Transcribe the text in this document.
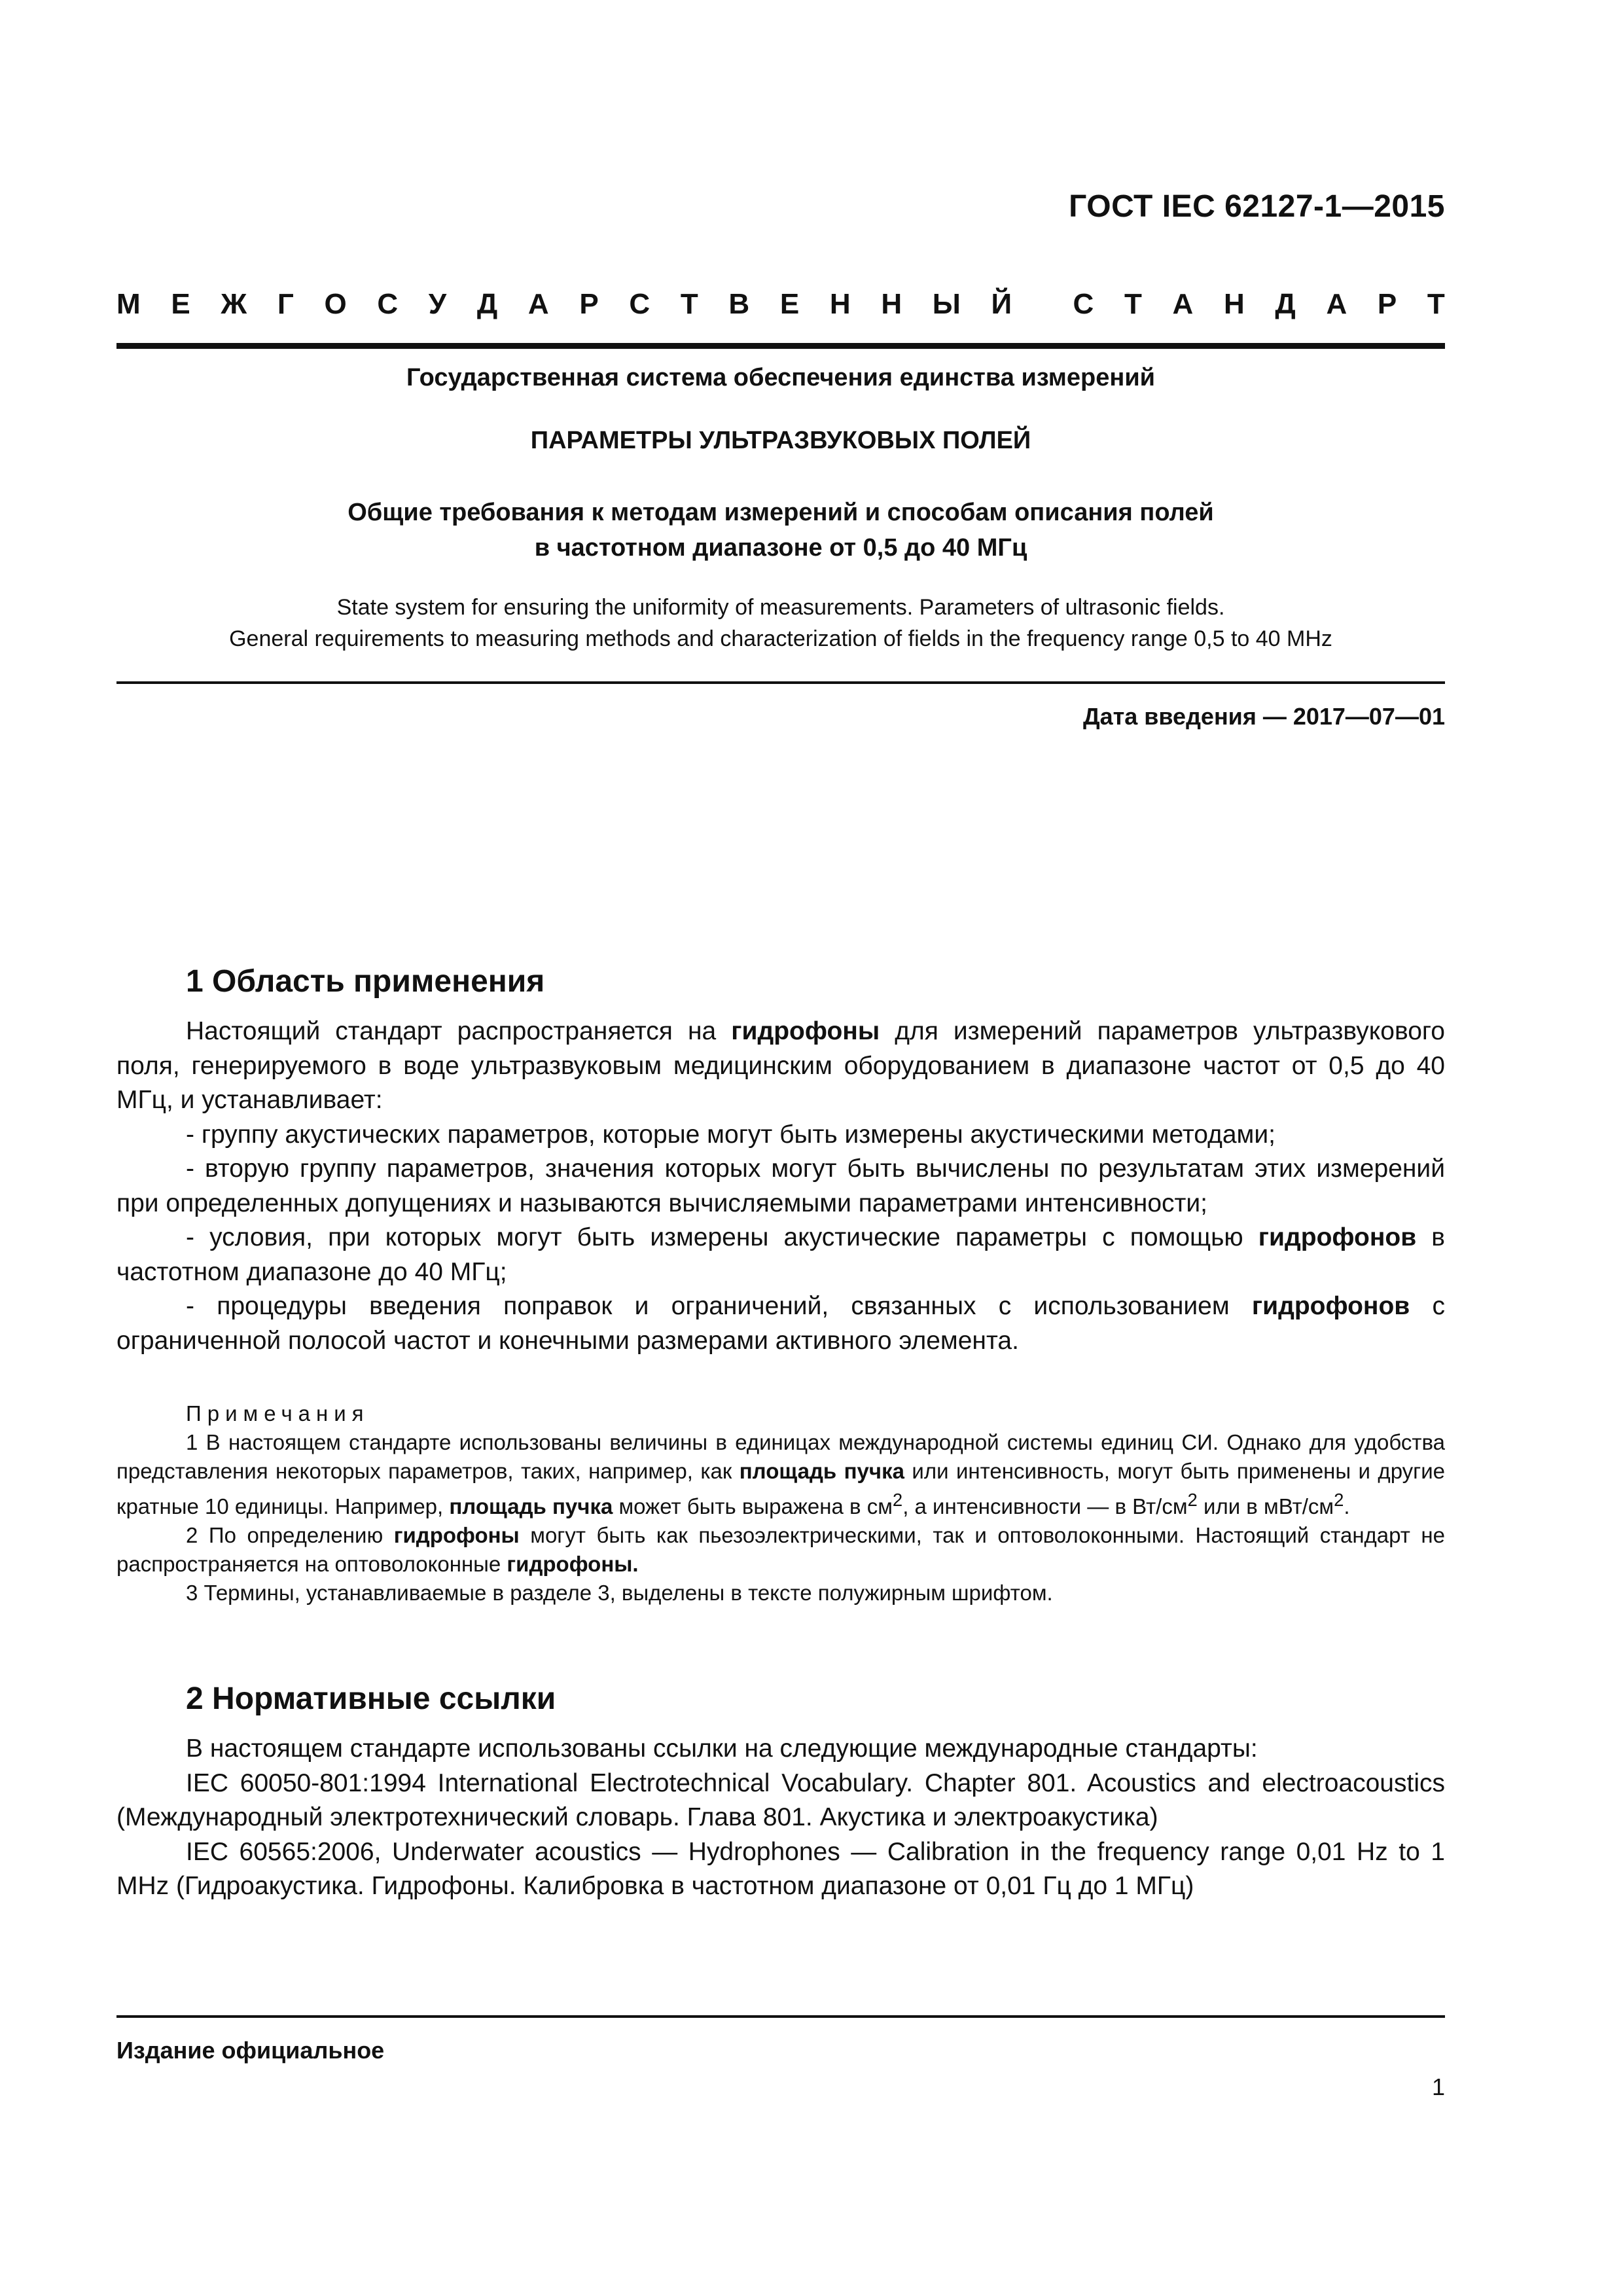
ГОСТ IEC 62127-1—2015
М Е Ж Г О С У Д А Р С Т В Е Н Н Ы Й С Т А Н Д А Р Т
Государственная система обеспечения единства измерений
ПАРАМЕТРЫ УЛЬТРАЗВУКОВЫХ ПОЛЕЙ
Общие требования к методам измерений и способам описания полей
в частотном диапазоне от 0,5 до 40 МГц
State system for ensuring the uniformity of measurements. Parameters of ultrasonic fields.
General requirements to measuring methods and characterization of fields in the frequency range 0,5 to 40 MHz
Дата введения — 2017—07—01
1 Область применения

Настоящий стандарт распространяется на гидрофоны для измерений параметров ультразвукового поля, генерируемого в воде ультразвуковым медицинским оборудованием в диапазоне частот от 0,5 до 40 МГц, и устанавливает:

- группу акустических параметров, которые могут быть измерены акустическими методами;

- вторую группу параметров, значения которых могут быть вычислены по результатам этих измерений при определенных допущениях и называются вычисляемыми параметрами интенсивности;

- условия, при которых могут быть измерены акустические параметры с помощью гидрофонов в частотном диапазоне до 40 МГц;

- процедуры введения поправок и ограничений, связанных с использованием гидрофонов с ограниченной полосой частот и конечными размерами активного элемента.

Примечания

1 В настоящем стандарте использованы величины в единицах международной системы единиц СИ. Однако для удобства представления некоторых параметров, таких, например, как площадь пучка или интенсивность, могут быть применены и другие кратные 10 единицы. Например, площадь пучка может быть выражена в $см^2$, а интенсивности — в $Вт/см^2$ или в мВт/$см^2$.

2 По определению гидрофоны могут быть как пьезоэлектрическими, так и оптоволоконными. Настоящий стандарт не распространяется на оптоволоконные гидрофоны.

3 Термины, устанавливаемые в разделе 3, выделены в тексте полужирным шрифтом.

2 Нормативные ссылки

В настоящем стандарте использованы ссылки на следующие международные стандарты:

IEC 60050-801:1994 International Electrotechnical Vocabulary. Chapter 801. Acoustics and electroacoustics (Международный электротехнический словарь. Глава 801. Акустика и электроакустика)

IEC 60565:2006, Underwater acoustics — Hydrophones — Calibration in the frequency range 0,01 Hz to 1 MHz (Гидроакустика. Гидрофоны. Калибровка в частотном диапазоне от 0,01 Гц до 1 МГц)

Издание официальное
1
